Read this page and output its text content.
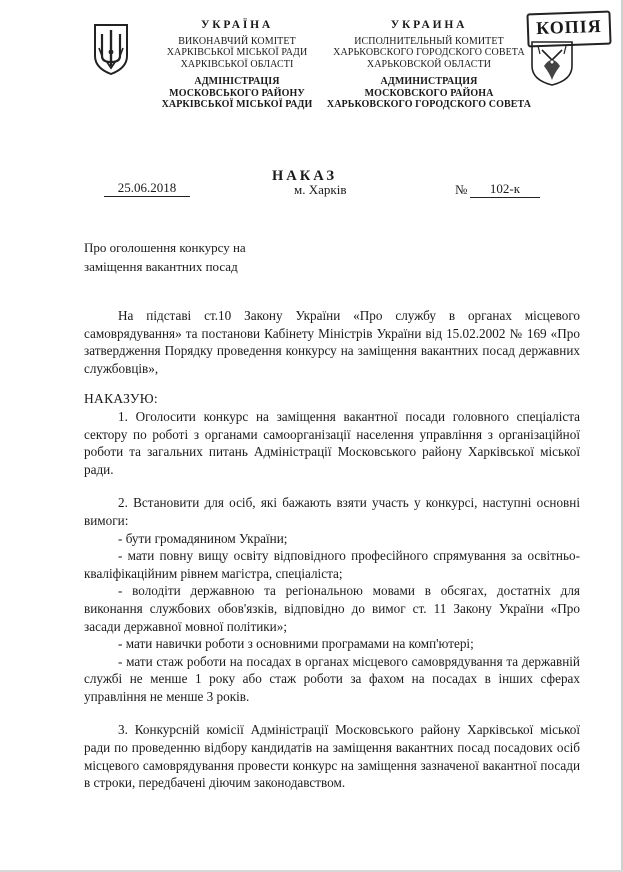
УКРАЇНА
ВИКОНАВЧИЙ КОМІТЕТ
ХАРКІВСЬКОЇ МІСЬКОЇ РАДИ
ХАРКІВСЬКОЇ ОБЛАСТІ
АДМІНІСТРАЦІЯ
МОСКОВСЬКОГО РАЙОНУ
ХАРКІВСЬКОЇ МІСЬКОЇ РАДИ
УКРАИНА
ИСПОЛНИТЕЛЬНЫЙ КОМИТЕТ
ХАРЬКОВСКОГО ГОРОДСКОГО СОВЕТА
ХАРЬКОВСКОЙ ОБЛАСТИ
АДМИНИСТРАЦИЯ
МОСКОВСКОГО РАЙОНА
ХАРЬКОВСКОГО ГОРОДСКОГО СОВЕТА
КОПІЯ
НАКАЗ
25.06.2018	м. Харків	№	102-к
Про оголошення конкурсу на
заміщення вакантних посад

На підставі ст.10 Закону України «Про службу в органах місцевого самоврядування» та постанови Кабінету Міністрів України від 15.02.2002 № 169 «Про затвердження Порядку проведення конкурсу на заміщення вакантних посад державних службовців»,

НАКАЗУЮ:

1. Оголосити конкурс на заміщення вакантної посади головного спеціаліста сектору по роботі з органами самоорганізації населення управління з організаційної роботи та загальних питань Адміністрації Московського району Харківської міської ради.

2. Встановити для осіб, які бажають взяти участь у конкурсі, наступні основні вимоги:

- бути громадянином України;

- мати повну вищу освіту відповідного професійного спрямування за освітньо-кваліфікаційним рівнем магістра, спеціаліста;

- володіти державною та регіональною мовами в обсягах, достатніх для виконання службових обов'язків, відповідно до вимог ст. 11 Закону України «Про засади державної мовної політики»;

- мати навички роботи з основними програмами на комп'ютері;

- мати стаж роботи на посадах в органах місцевого самоврядування та державній службі не менше 1 року або стаж роботи за фахом на посадах в інших сферах управління не менше 3 років.

3. Конкурсній комісії Адміністрації Московського району Харківської міської ради по проведенню відбору кандидатів на заміщення вакантних посад посадових осіб місцевого самоврядування провести конкурс на заміщення зазначеної вакантної посади в строки, передбачені діючим законодавством.
